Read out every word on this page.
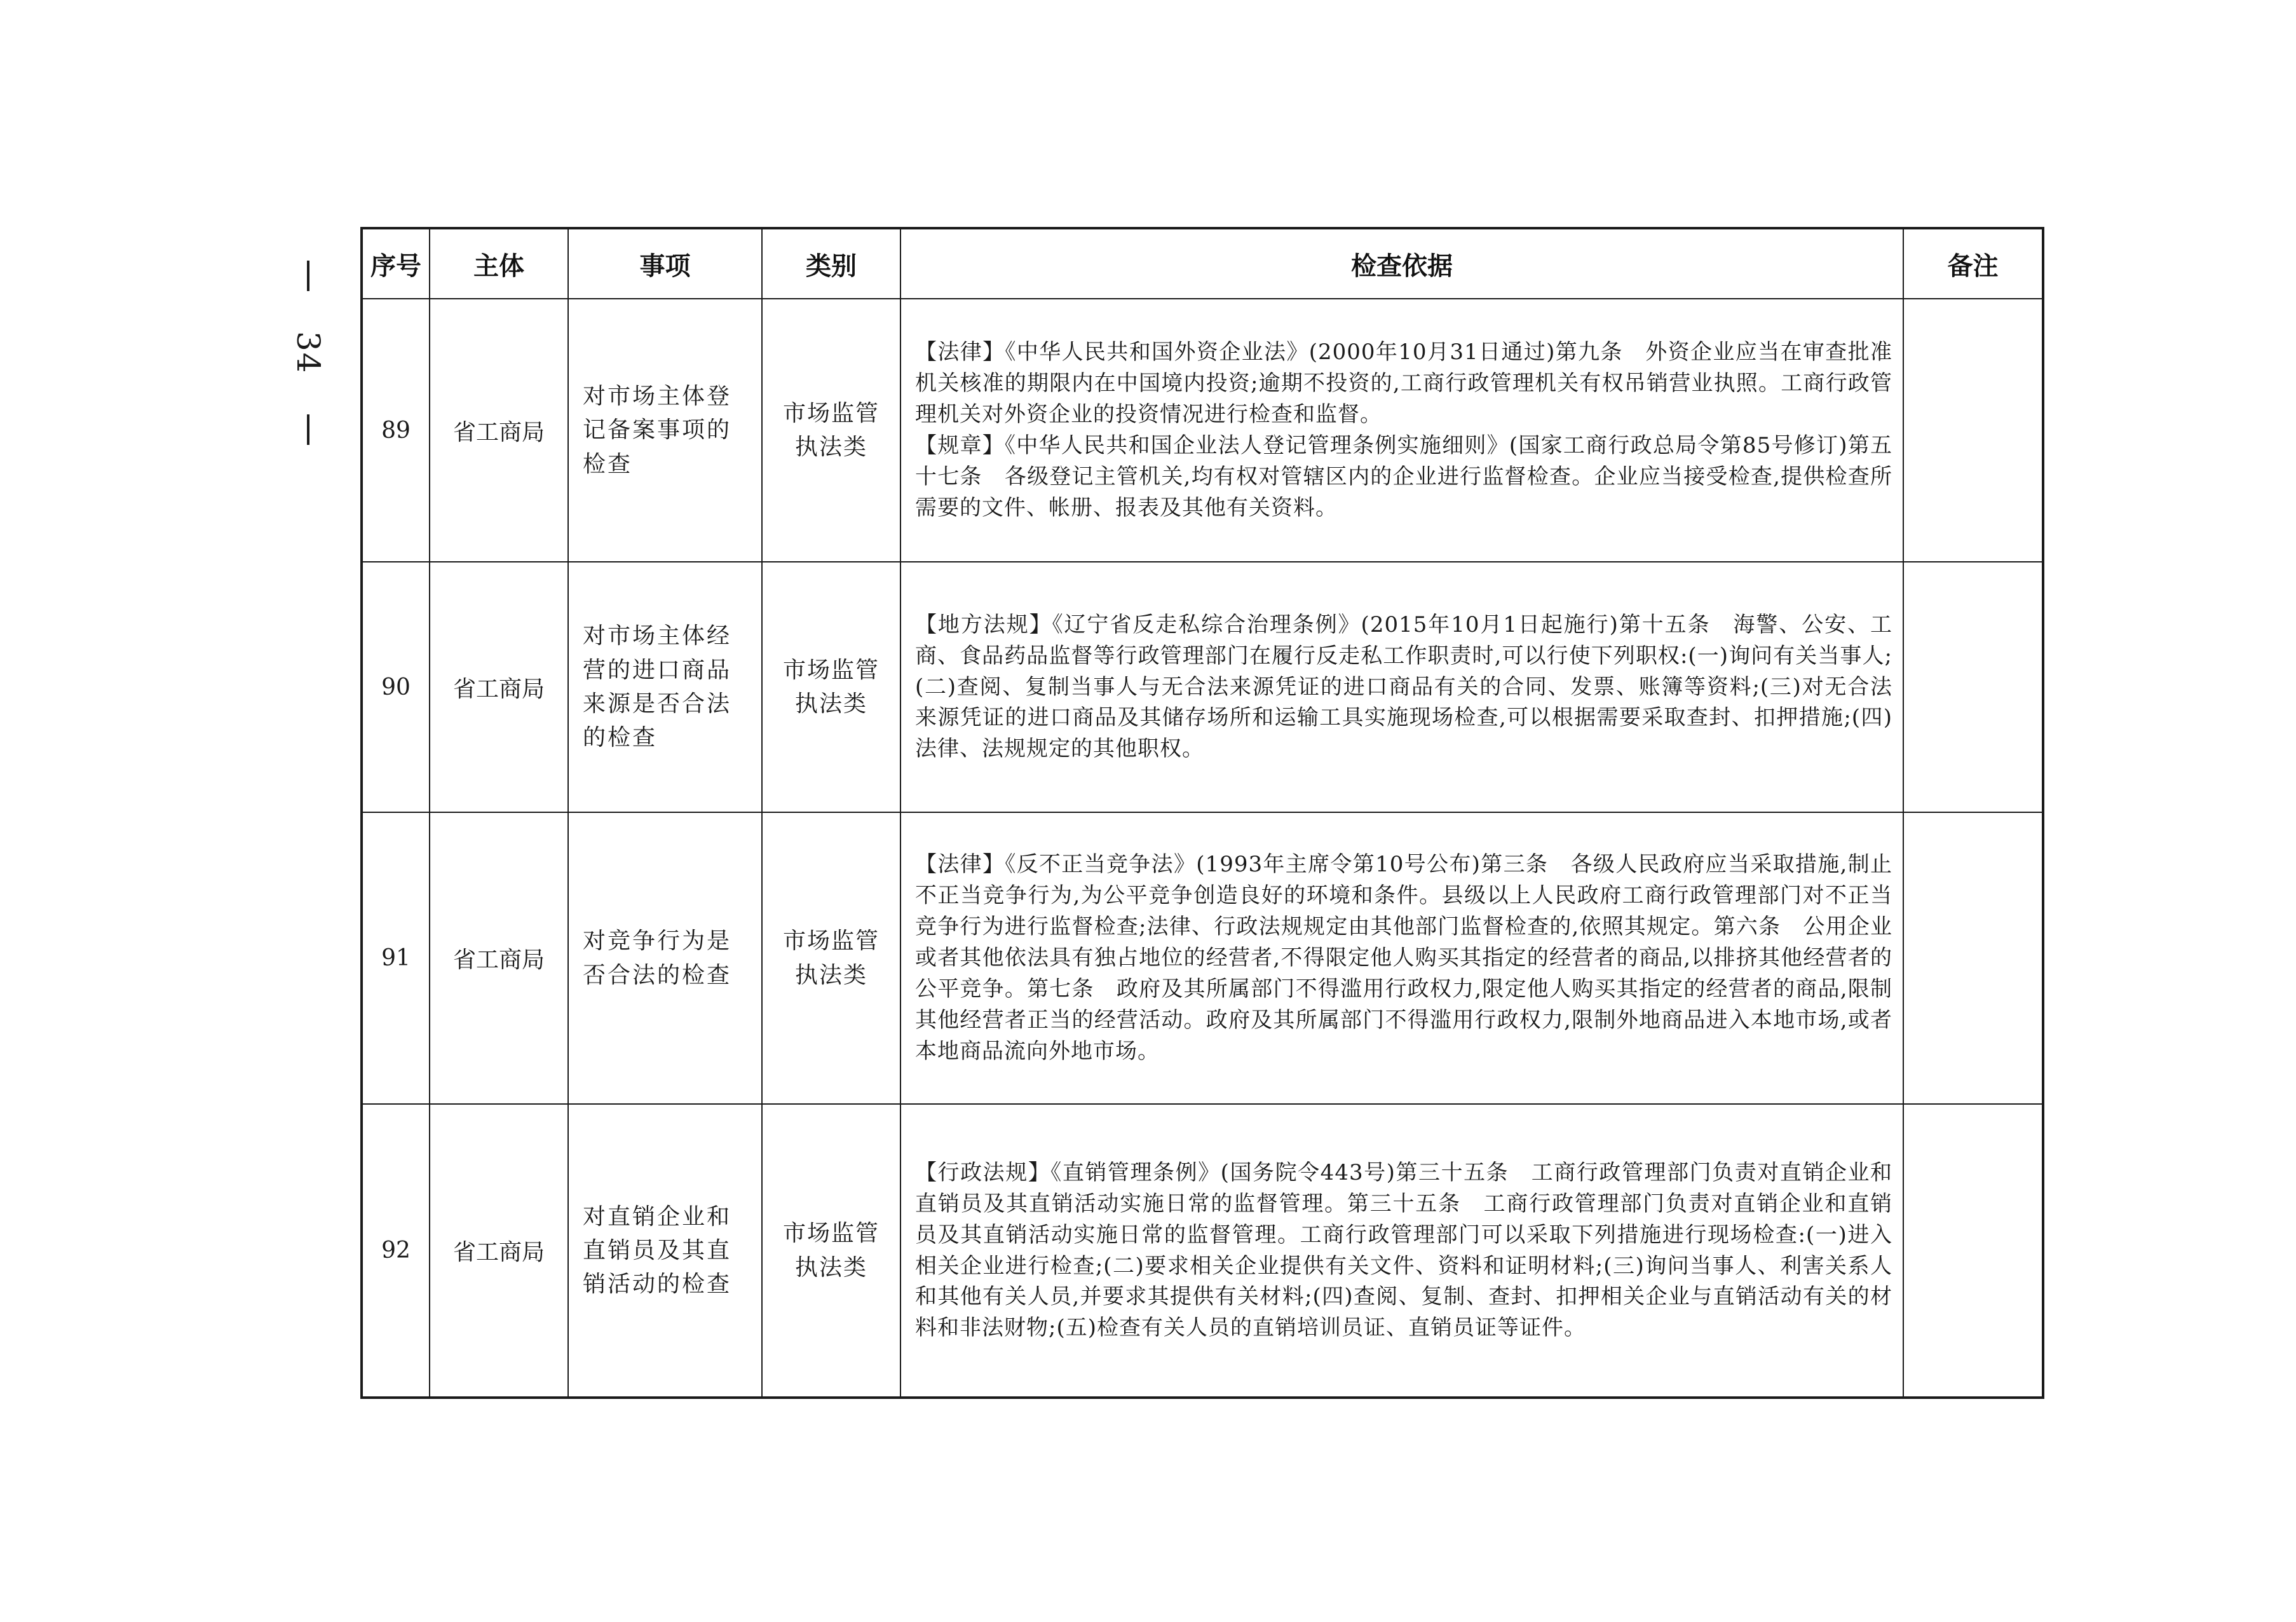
34
序号	主体	事项	类别	检查依据	备注
89	省工商局	对市场主体登记备案事项的检查	市场监管执法类	【法律】《中华人民共和国外资企业法》(2000年10月31日通过)第九条　外资企业应当在审查批准机关核准的期限内在中国境内投资;逾期不投资的,工商行政管理机关有权吊销营业执照。工商行政管理机关对外资企业的投资情况进行检查和监督。
【规章】《中华人民共和国企业法人登记管理条例实施细则》(国家工商行政总局令第85号修订)第五十七条　各级登记主管机关,均有权对管辖区内的企业进行监督检查。企业应当接受检查,提供检查所需要的文件、帐册、报表及其他有关资料。	

90	省工商局	对市场主体经营的进口商品来源是否合法的检查	市场监管执法类	【地方法规】《辽宁省反走私综合治理条例》(2015年10月1日起施行)第十五条　海警、公安、工商、食品药品监督等行政管理部门在履行反走私工作职责时,可以行使下列职权:(一)询问有关当事人;(二)查阅、复制当事人与无合法来源凭证的进口商品有关的合同、发票、账簿等资料;(三)对无合法来源凭证的进口商品及其储存场所和运输工具实施现场检查,可以根据需要采取查封、扣押措施;(四)法律、法规规定的其他职权。	

91	省工商局	对竞争行为是否合法的检查	市场监管执法类	【法律】《反不正当竞争法》(1993年主席令第10号公布)第三条　各级人民政府应当采取措施,制止不正当竞争行为,为公平竞争创造良好的环境和条件。县级以上人民政府工商行政管理部门对不正当竞争行为进行监督检查;法律、行政法规规定由其他部门监督检查的,依照其规定。第六条　公用企业或者其他依法具有独占地位的经营者,不得限定他人购买其指定的经营者的商品,以排挤其他经营者的公平竞争。第七条　政府及其所属部门不得滥用行政权力,限定他人购买其指定的经营者的商品,限制其他经营者正当的经营活动。政府及其所属部门不得滥用行政权力,限制外地商品进入本地市场,或者本地商品流向外地市场。	

92	省工商局	对直销企业和直销员及其直销活动的检查	市场监管执法类	【行政法规】《直销管理条例》(国务院令443号)第三十五条　工商行政管理部门负责对直销企业和直销员及其直销活动实施日常的监督管理。第三十五条　工商行政管理部门负责对直销企业和直销员及其直销活动实施日常的监督管理。工商行政管理部门可以采取下列措施进行现场检查:(一)进入相关企业进行检查;(二)要求相关企业提供有关文件、资料和证明材料;(三)询问当事人、利害关系人和其他有关人员,并要求其提供有关材料;(四)查阅、复制、查封、扣押相关企业与直销活动有关的材料和非法财物;(五)检查有关人员的直销培训员证、直销员证等证件。	
